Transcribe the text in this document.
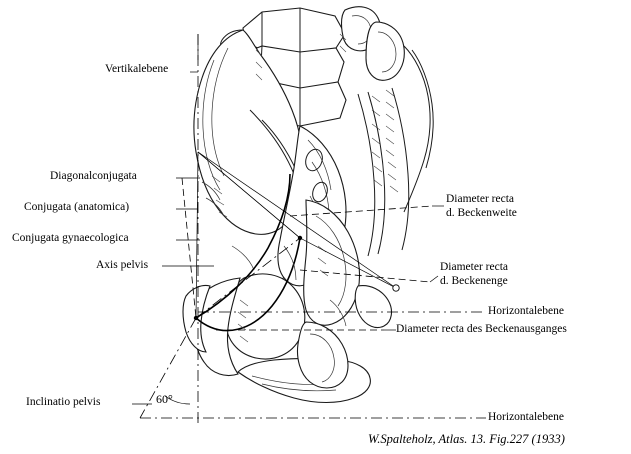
Vertikalebene
Diagonalconjugata
Conjugata (anatomica)
Conjugata gynaecologica
Axis pelvis
Inclinatio pelvis
Diameter recta
d. Beckenweite
Diameter recta
d. Beckenenge
Horizontalebene
Diameter recta des Beckenausganges
Horizontalebene
60°
W.Spalteholz, Atlas. 13. Fig.227 (1933)
